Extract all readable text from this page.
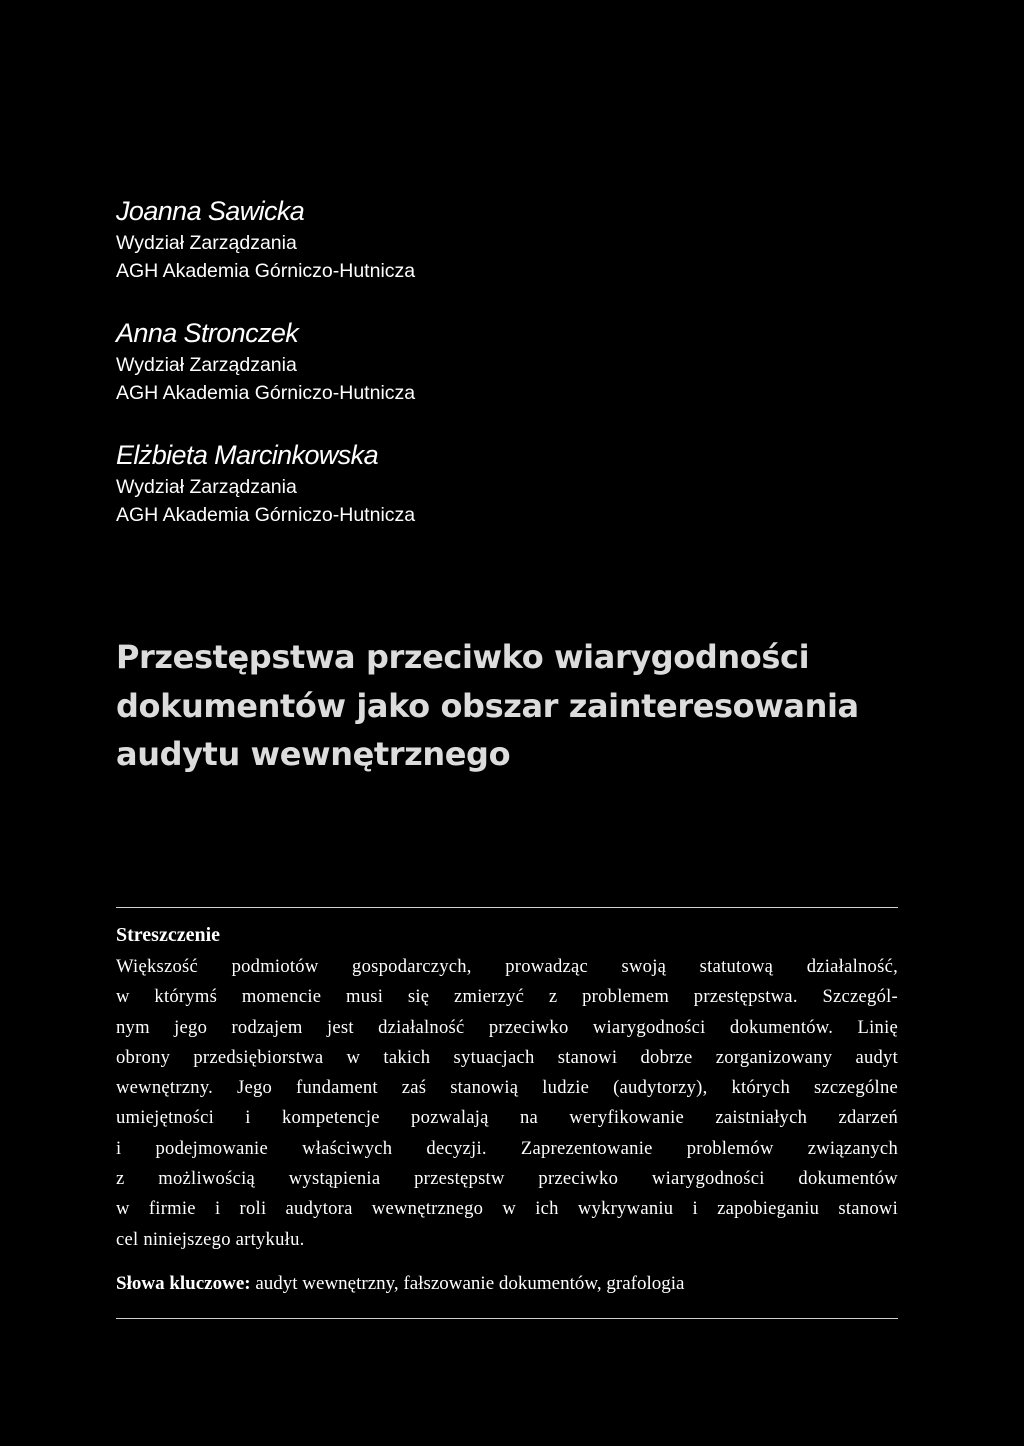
Joanna Sawicka
Wydział Zarządzania
AGH Akademia Górniczo-Hutnicza
Anna Stronczek
Wydział Zarządzania
AGH Akademia Górniczo-Hutnicza
Elżbieta Marcinkowska
Wydział Zarządzania
AGH Akademia Górniczo-Hutnicza
Przestępstwa przeciwko wiarygodności
dokumentów jako obszar zainteresowania
audytu wewnętrznego
Streszczenie
Większość podmiotów gospodarczych, prowadząc swoją statutową działalność,
w którymś momencie musi się zmierzyć z problemem przestępstwa. Szczegól-
nym jego rodzajem jest działalność przeciwko wiarygodności dokumentów. Linię
obrony przedsiębiorstwa w takich sytuacjach stanowi dobrze zorganizowany audyt
wewnętrzny. Jego fundament zaś stanowią ludzie (audytorzy), których szczególne
umiejętności i kompetencje pozwalają na weryfikowanie zaistniałych zdarzeń
i podejmowanie właściwych decyzji. Zaprezentowanie problemów związanych
z możliwością wystąpienia przestępstw przeciwko wiarygodności dokumentów
w firmie i roli audytora wewnętrznego w ich wykrywaniu i zapobieganiu stanowi
cel niniejszego artykułu.
Słowa kluczowe: audyt wewnętrzny, fałszowanie dokumentów, grafologia
